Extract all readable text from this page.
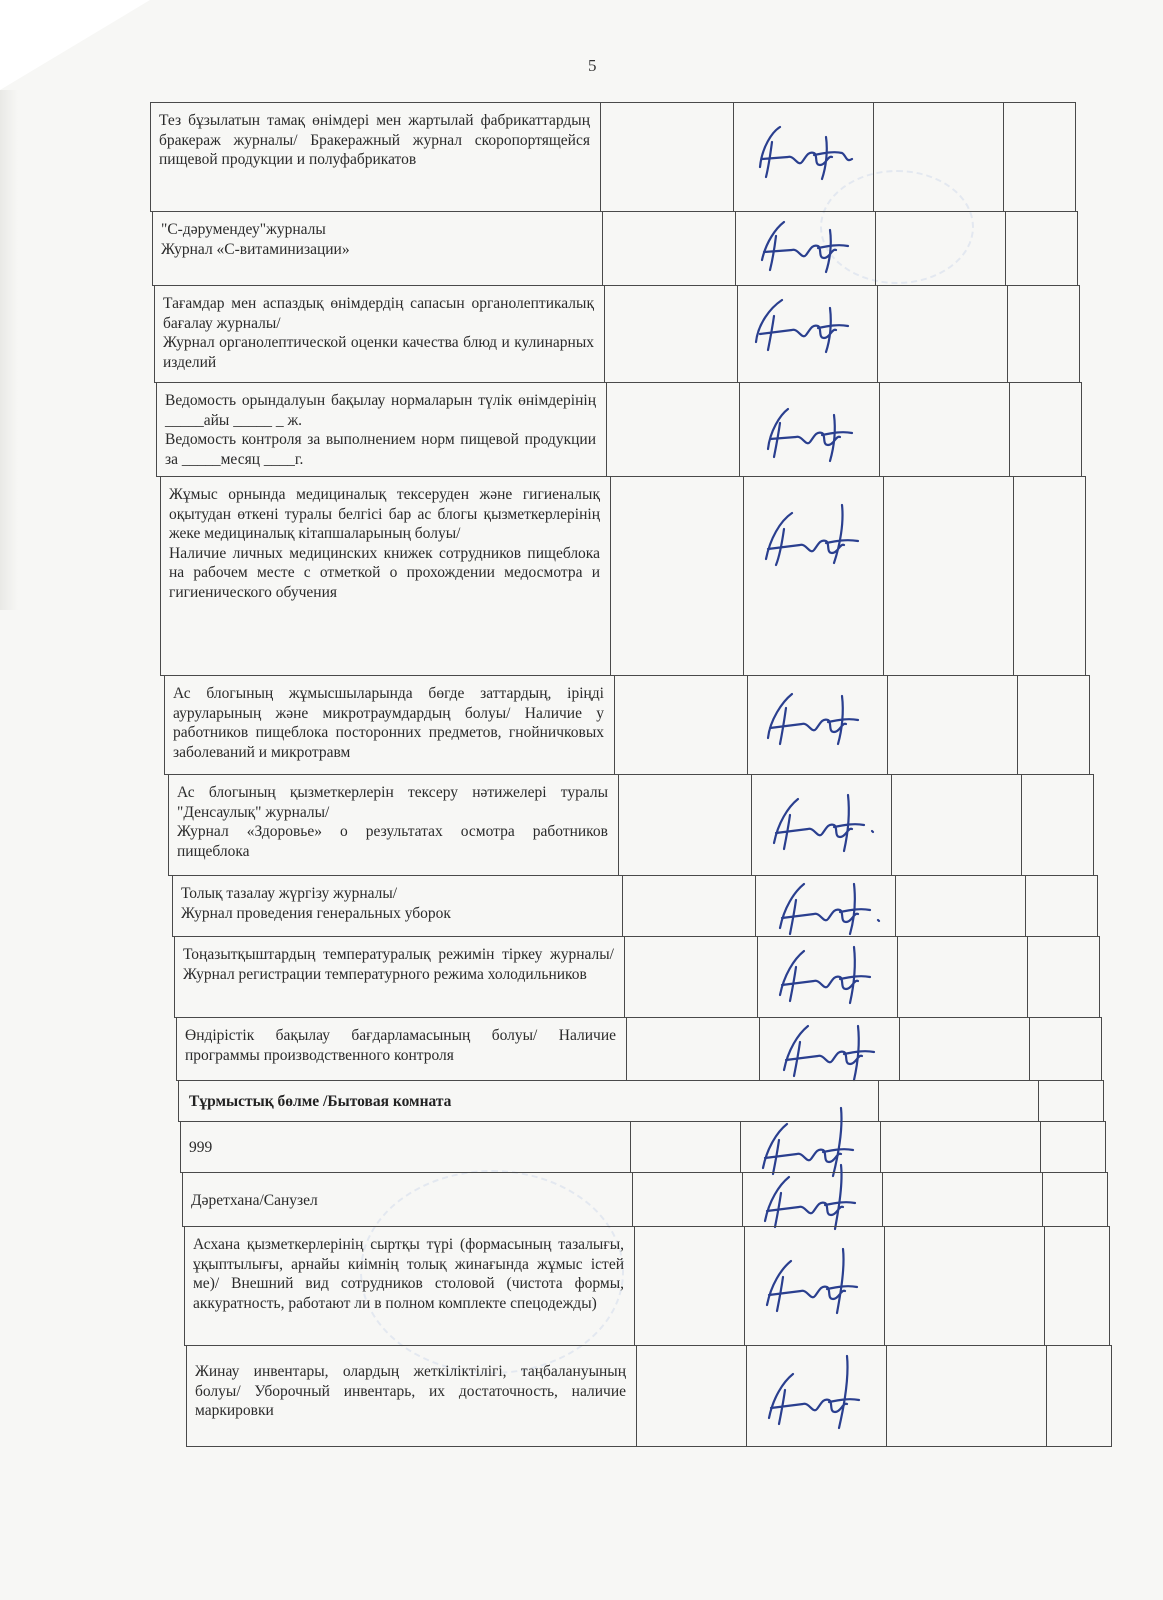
5
Тез бұзылатын тамақ өнімдері мен жартылай фабрикаттардың бракераж журналы/ Бракеражный журнал скоропортящейся пищевой продукции и полуфабрикатов
"С-дәрумендеу"журналы
Журнал «С-витаминизации»
Тағамдар мен аспаздық өнімдердің сапасын органолептикалық бағалау журналы/
Журнал органолептической оценки качества блюд и кулинарных изделий
Ведомость орындалуын бақылау нормаларын түлік өнімдерінің _____айы _____ _ ж.
Ведомость контроля за выполнением норм пищевой продукции за _____месяц ____г.
Жұмыс орнында медициналық тексеруден және гигиеналық оқытудан өткені туралы белгісі бар ас блогы қызметкерлерінің жеке медициналық кітапшаларының болуы/
Наличие личных медицинских книжек сотрудников пищеблока на рабочем месте с отметкой о прохождении медосмотра и гигиенического обучения
Ас блогының жұмысшыларында бөгде заттардың, іріңді ауруларының және микротраумдардың болуы/ Наличие у работников пищеблока посторонних предметов, гнойничковых заболеваний и микротравм
Ас блогының қызметкерлерін тексеру нәтижелері туралы "Денсаулық" журналы/
Журнал «Здоровье» о результатах осмотра работников пищеблока
Толық тазалау жүргізу журналы/
Журнал проведения генеральных уборок
Тоңазытқыштардың температуралық режимін тіркеу журналы/ Журнал регистрации температурного режима холодильников
Өндірістік бақылау бағдарламасының болуы/ Наличие программы производственного контроля
Тұрмыстық бөлме /Бытовая комната
999
Дәретхана/Санузел
Асхана қызметкерлерінің сыртқы түрі (формасының тазалығы, ұқыптылығы, арнайы киімнің толық жинағында жұмыс істей ме)/ Внешний вид сотрудников столовой (чистота формы, аккуратность, работают ли в полном комплекте спецодежды)
Жинау инвентары, олардың жеткіліктілігі, таңбалануының болуы/ Уборочный инвентарь, их достаточность, наличие маркировки
